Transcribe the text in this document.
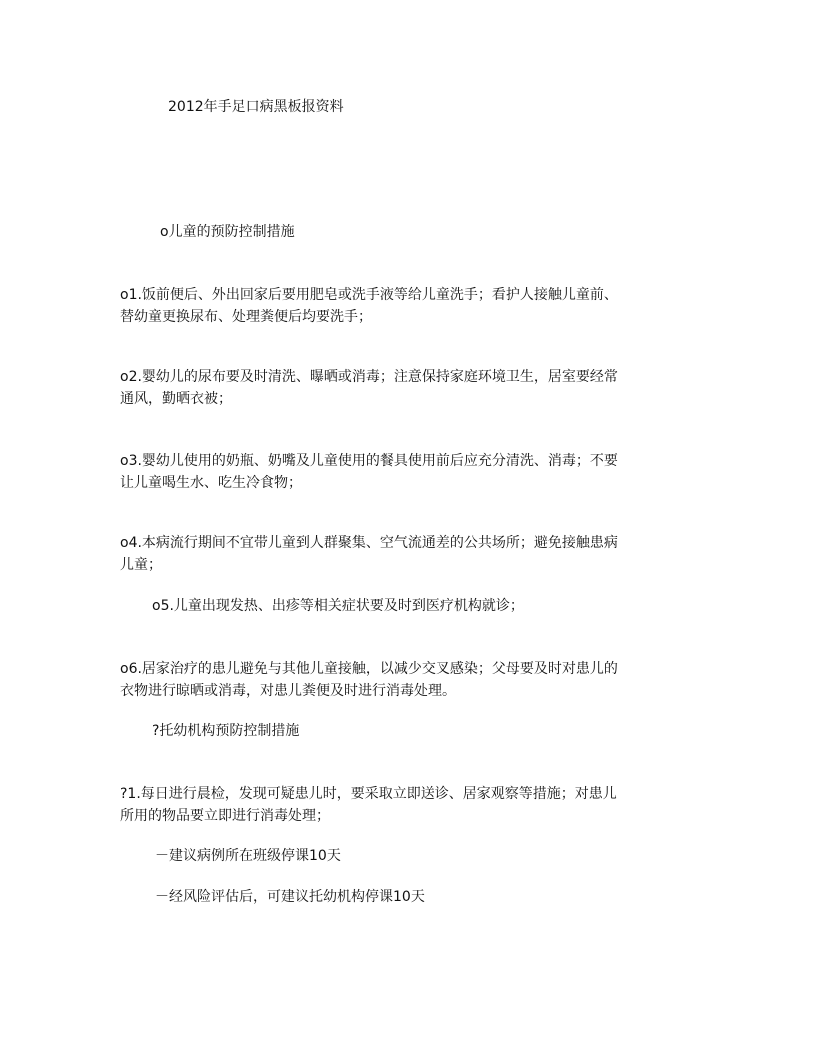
2012年手足口病黑板报资料
o儿童的预防控制措施
o1.饭前便后、外出回家后要用肥皂或洗手液等给儿童洗手；看护人接触儿童前、
替幼童更换尿布、处理粪便后均要洗手；
o2.婴幼儿的尿布要及时清洗、曝晒或消毒；注意保持家庭环境卫生，居室要经常
通风，勤晒衣被；
o3.婴幼儿使用的奶瓶、奶嘴及儿童使用的餐具使用前后应充分清洗、消毒；不要
让儿童喝生水、吃生冷食物；
o4.本病流行期间不宜带儿童到人群聚集、空气流通差的公共场所；避免接触患病
儿童；
o5.儿童出现发热、出疹等相关症状要及时到医疗机构就诊；
o6.居家治疗的患儿避免与其他儿童接触，以减少交叉感染；父母要及时对患儿的
衣物进行晾晒或消毒，对患儿粪便及时进行消毒处理。
?托幼机构预防控制措施
?1.每日进行晨检，发现可疑患儿时，要采取立即送诊、居家观察等措施；对患儿
所用的物品要立即进行消毒处理；
－建议病例所在班级停课10天
－经风险评估后，可建议托幼机构停课10天
